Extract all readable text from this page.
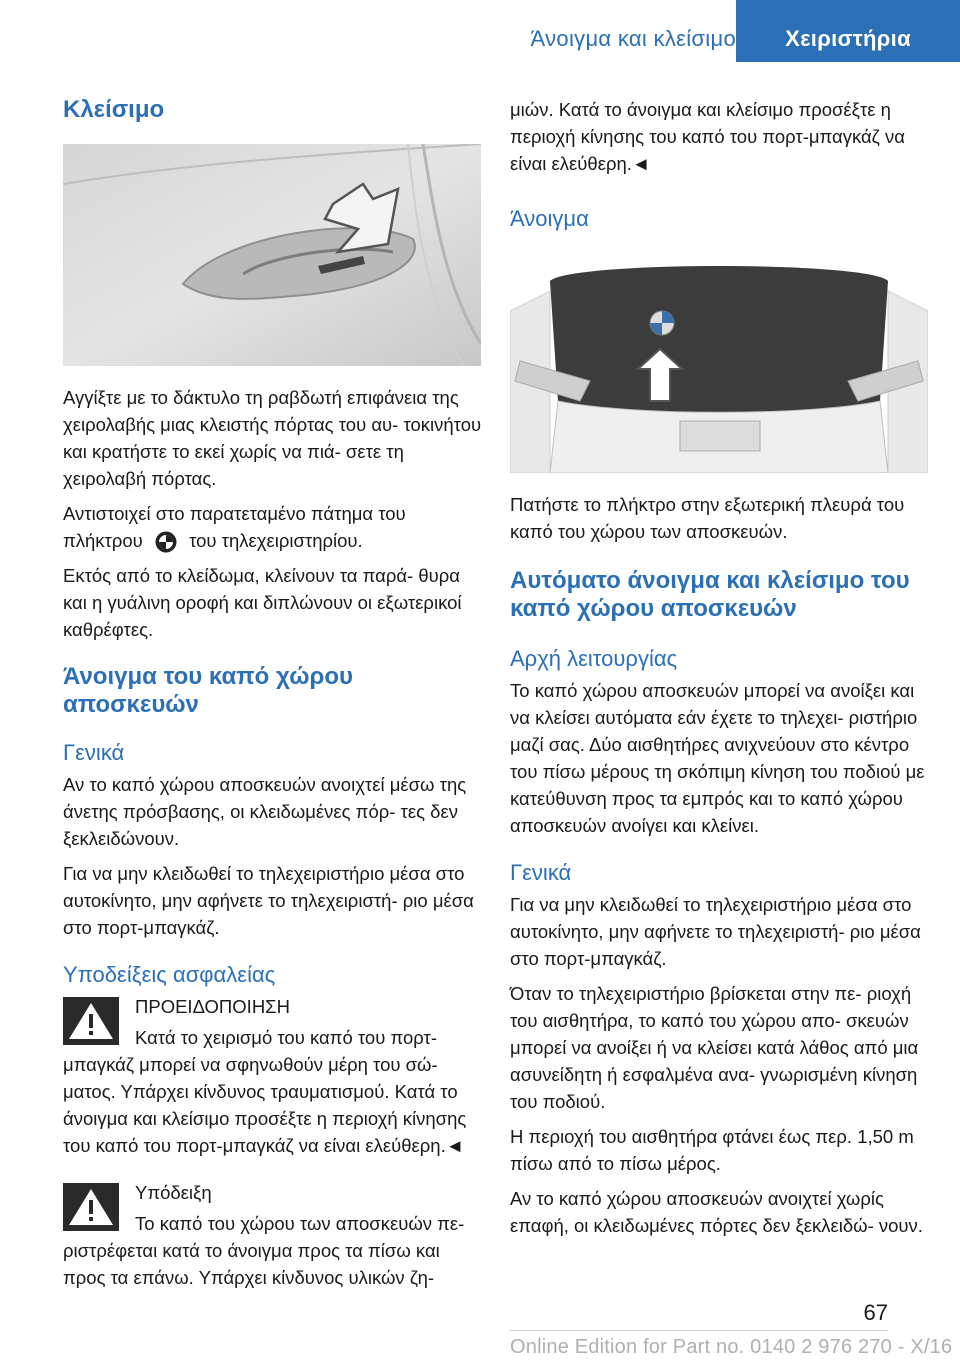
Άνοιγμα και κλείσιμο	Χειριστήρια
Κλείσιμο

Αγγίξτε με το δάκτυλο τη ραβδωτή επιφάνεια της χειρολαβής μιας κλειστής πόρτας του αυ- τοκινήτου και κρατήστε το εκεί χωρίς να πιά- σετε τη χειρολαβή πόρτας.

Αντιστοιχεί στο παρατεταμένο πάτημα του πλήκτρου	του τηλεχειριστηρίου.

Εκτός από το κλείδωμα, κλείνουν τα παρά- θυρα και η γυάλινη οροφή και διπλώνουν οι εξωτερικοί καθρέφτες.

Άνοιγμα του καπό χώρου αποσκευών
Γενικά

Αν το καπό χώρου αποσκευών ανοιχτεί μέσω της άνετης πρόσβασης, οι κλειδωμένες πόρ- τες δεν ξεκλειδώνουν.

Για να μην κλειδωθεί το τηλεχειριστήριο μέσα στο αυτοκίνητο, μην αφήνετε το τηλεχειριστή- ριο μέσα στο πορτ-μπαγκάζ.

Υποδείξεις ασφαλείας
ΠΡΟΕΙΔΟΠΟΙΗΣΗ

Κατά το χειρισμό του καπό του πορτ- μπαγκάζ μπορεί να σφηνωθούν μέρη του σώ- ματος. Υπάρχει κίνδυνος τραυματισμού. Κατά το άνοιγμα και κλείσιμο προσέξτε η περιοχή κίνησης του καπό του πορτ-μπαγκάζ να είναι ελεύθερη.◄

Υπόδειξη

Το καπό του χώρου των αποσκευών πε- ριστρέφεται κατά το άνοιγμα προς τα πίσω και προς τα επάνω. Υπάρχει κίνδυνος υλικών ζη-

μιών. Κατά το άνοιγμα και κλείσιμο προσέξτε η περιοχή κίνησης του καπό του πορτ-μπαγκάζ να είναι ελεύθερη.◄

Άνοιγμα

Πατήστε το πλήκτρο στην εξωτερική πλευρά του καπό του χώρου των αποσκευών.

Αυτόματο άνοιγμα και κλείσιμο του καπό χώρου αποσκευών
Αρχή λειτουργίας

Το καπό χώρου αποσκευών μπορεί να ανοίξει και να κλείσει αυτόματα εάν έχετε το τηλεχει- ριστήριο μαζί σας. Δύο αισθητήρες ανιχνεύουν στο κέντρο του πίσω μέρους τη σκόπιμη κίνηση του ποδιού με κατεύθυνση προς τα εμπρός και το καπό χώρου αποσκευών ανοίγει και κλείνει.

Γενικά

Για να μην κλειδωθεί το τηλεχειριστήριο μέσα στο αυτοκίνητο, μην αφήνετε το τηλεχειριστή- ριο μέσα στο πορτ-μπαγκάζ.

Όταν το τηλεχειριστήριο βρίσκεται στην πε- ριοχή του αισθητήρα, το καπό του χώρου απο- σκευών μπορεί να ανοίξει ή να κλείσει κατά λάθος από μια ασυνείδητη ή εσφαλμένα ανα- γνωρισμένη κίνηση του ποδιού.

Η περιοχή του αισθητήρα φτάνει έως περ. 1,50 m πίσω από το πίσω μέρος.

Αν το καπό χώρου αποσκευών ανοιχτεί χωρίς επαφή, οι κλειδωμένες πόρτες δεν ξεκλειδώ- νουν.

67
Online Edition for Part no. 0140 2 976 270 - X/16
